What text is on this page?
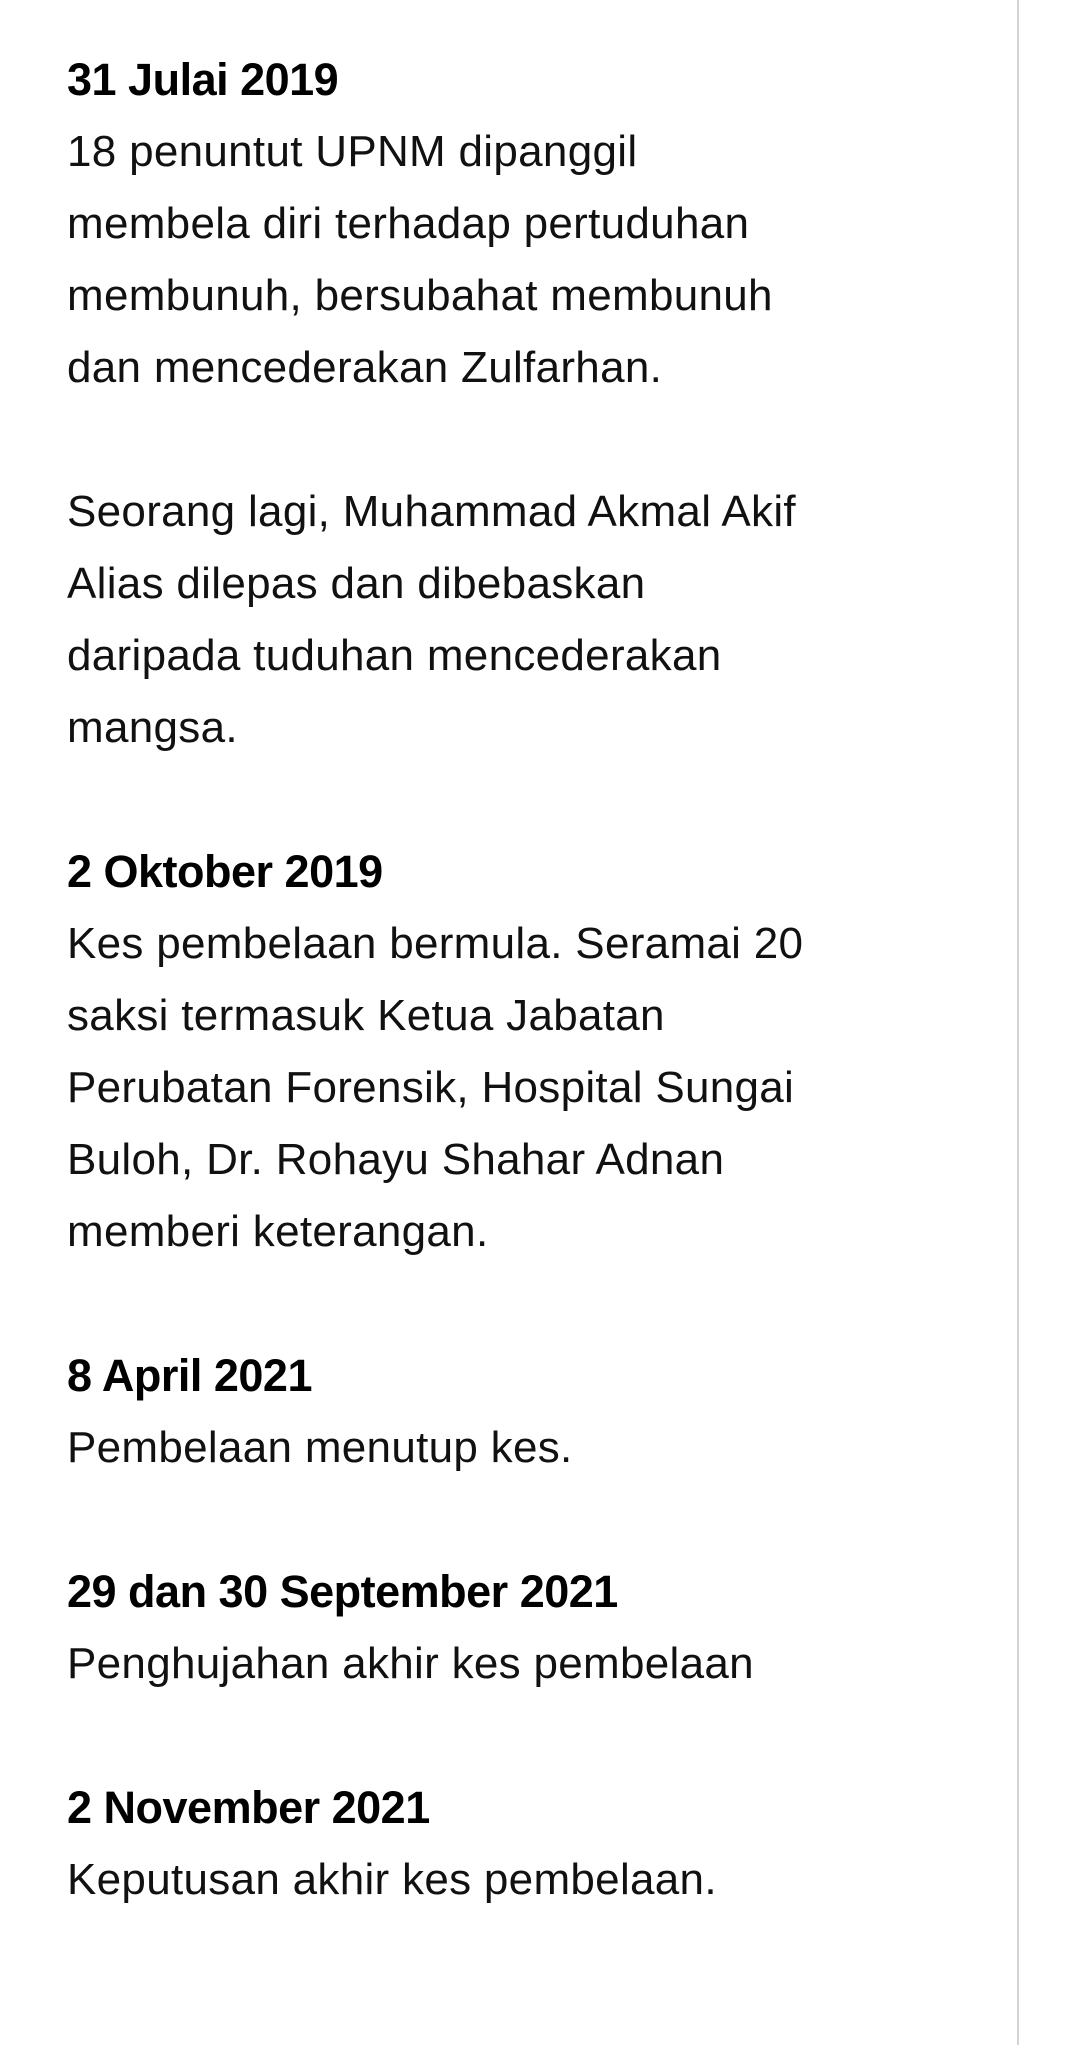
31 Julai 2019

18 penuntut UPNM dipanggil
membela diri terhadap pertuduhan
membunuh, bersubahat membunuh
dan mencederakan Zulfarhan.

Seorang lagi, Muhammad Akmal Akif
Alias dilepas dan dibebaskan
daripada tuduhan mencederakan
mangsa.

2 Oktober 2019

Kes pembelaan bermula. Seramai 20
saksi termasuk Ketua Jabatan
Perubatan Forensik, Hospital Sungai
Buloh, Dr. Rohayu Shahar Adnan
memberi keterangan.

8 April 2021

Pembelaan menutup kes.

29 dan 30 September 2021

Penghujahan akhir kes pembelaan

2 November 2021

Keputusan akhir kes pembelaan.
